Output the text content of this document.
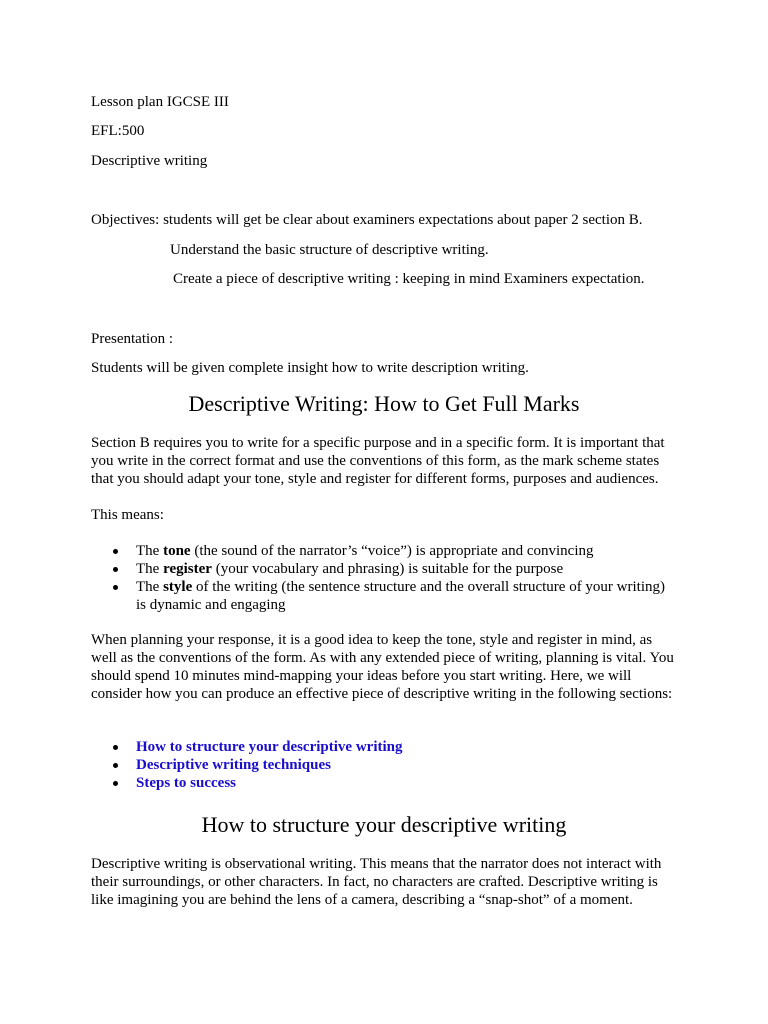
Lesson plan IGCSE III
EFL:500
Descriptive writing
Objectives: students will get be clear about examiners expectations about paper 2 section B.
Understand the basic structure of descriptive writing.
Create a piece of descriptive writing : keeping in mind Examiners expectation.
Presentation :
Students will be given complete insight how to write description writing.
Descriptive Writing: How to Get Full Marks
Section B requires you to write for a specific purpose and in a specific form. It is important that you write in the correct format and use the conventions of this form, as the mark scheme states that you should adapt your tone, style and register for different forms, purposes and audiences.
This means:
The tone (the sound of the narrator’s “voice”) is appropriate and convincing
The register (your vocabulary and phrasing) is suitable for the purpose
The style of the writing (the sentence structure and the overall structure of your writing) is dynamic and engaging
When planning your response, it is a good idea to keep the tone, style and register in mind, as well as the conventions of the form. As with any extended piece of writing, planning is vital. You should spend 10 minutes mind-mapping your ideas before you start writing. Here, we will consider how you can produce an effective piece of descriptive writing in the following sections:
How to structure your descriptive writing
Descriptive writing techniques
Steps to success
How to structure your descriptive writing
Descriptive writing is observational writing. This means that the narrator does not interact with their surroundings, or other characters. In fact, no characters are crafted. Descriptive writing is like imagining you are behind the lens of a camera, describing a “snap-shot” of a moment.
